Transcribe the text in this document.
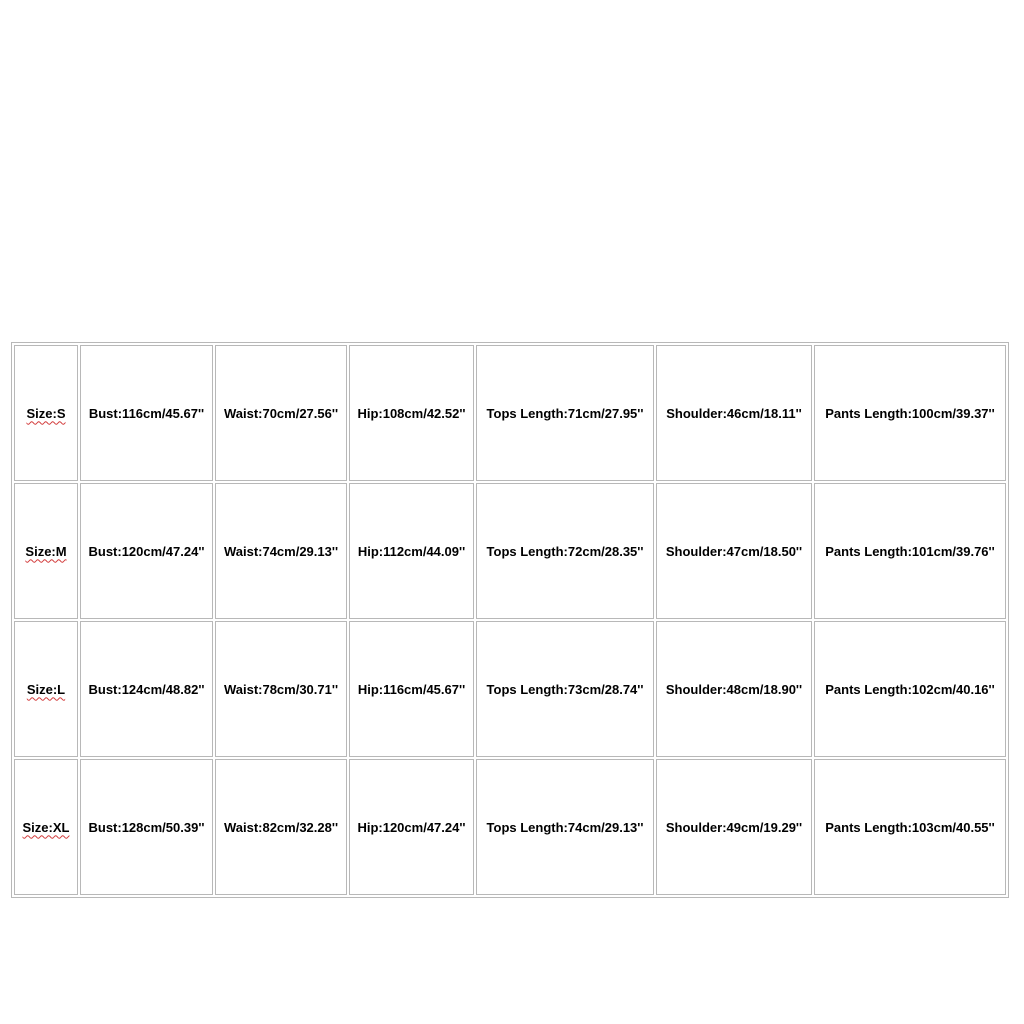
Size:S	Bust:116cm/45.67''	Waist:70cm/27.56''	Hip:108cm/42.52''	Tops Length:71cm/27.95''	Shoulder:46cm/18.11''	Pants Length:100cm/39.37''
Size:M	Bust:120cm/47.24''	Waist:74cm/29.13''	Hip:112cm/44.09''	Tops Length:72cm/28.35''	Shoulder:47cm/18.50''	Pants Length:101cm/39.76''
Size:L	Bust:124cm/48.82''	Waist:78cm/30.71''	Hip:116cm/45.67''	Tops Length:73cm/28.74''	Shoulder:48cm/18.90''	Pants Length:102cm/40.16''
Size:XL	Bust:128cm/50.39''	Waist:82cm/32.28''	Hip:120cm/47.24''	Tops Length:74cm/29.13''	Shoulder:49cm/19.29''	Pants Length:103cm/40.55''
